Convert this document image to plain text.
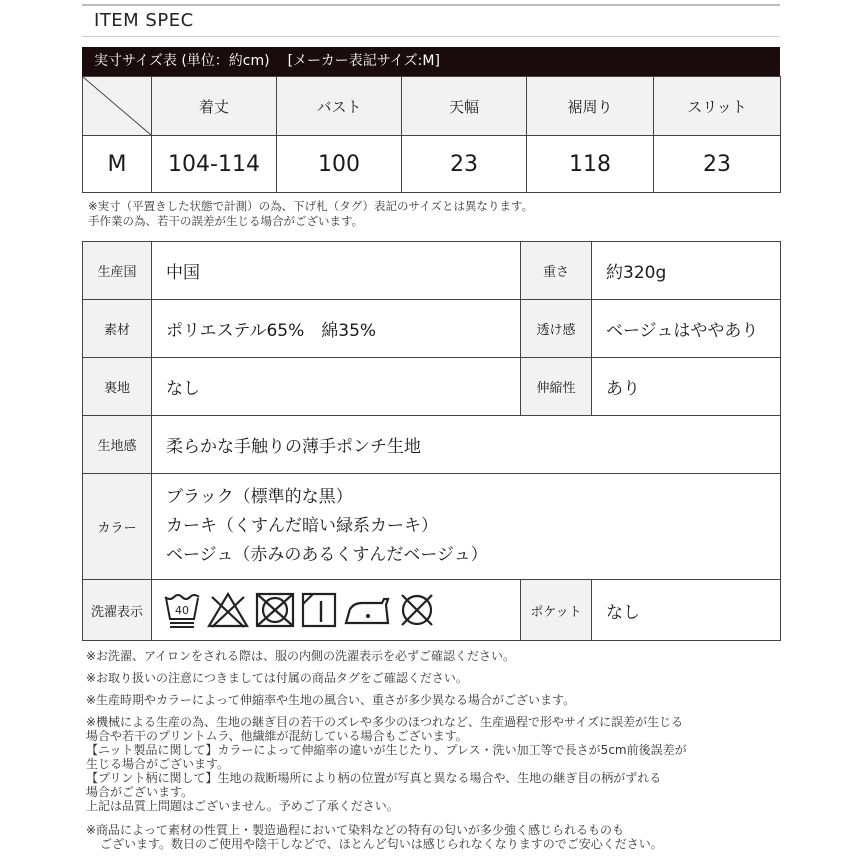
ITEM SPEC
実寸サイズ表 (単位：約cm) [メーカー表記サイズ:M]
	着丈	バスト	天幅	裾周り	スリット
M	104-114	100	23	118	23
※実寸（平置きした状態で計測）の為、下げ札（タグ）表記のサイズとは異なります。
手作業の為、若干の誤差が生じる場合がございます。
生産国	中国	重さ	約320g
素材	ポリエステル65%　綿35%	透け感	ベージュはややあり
裏地	なし	伸縮性	あり
生地感	柔らかな手触りの薄手ポンチ生地		
カラー	ブラック（標準的な黒）
カーキ（くすんだ暗い緑系カーキ）
ベージュ（赤みのあるくすんだベージュ）		

洗濯表示	40	ポケット	なし

※お洗濯、アイロンをされる際は、服の内側の洗濯表示を必ずご確認ください。

※お取り扱いの注意につきましては付属の商品タグをご確認ください。

※生産時期やカラーによって伸縮率や生地の風合い、重さが多少異なる場合がございます。

※機械による生産の為、生地の継ぎ目の若干のズレや多少のほつれなど、生産過程で形やサイズに誤差が生じる

場合や若干のプリントムラ、他繊維が混紡している場合もございます。

【ニット製品に関して】カラーによって伸縮率の違いが生じたり、プレス・洗い加工等で長さが5cm前後誤差が

生じる場合がございます。

【プリント柄に関して】生地の裁断場所により柄の位置が写真と異なる場合や、生地の継ぎ目の柄がずれる

場合がございます。

上記は品質上問題はございません。予めご了承ください。

※商品によって素材の性質上・製造過程において染料などの特有の匂いが多少強く感じられるものも

ございます。数日のご使用や陰干しなどで、ほとんど匂いは感じられなくなりますのでご安心ください。
